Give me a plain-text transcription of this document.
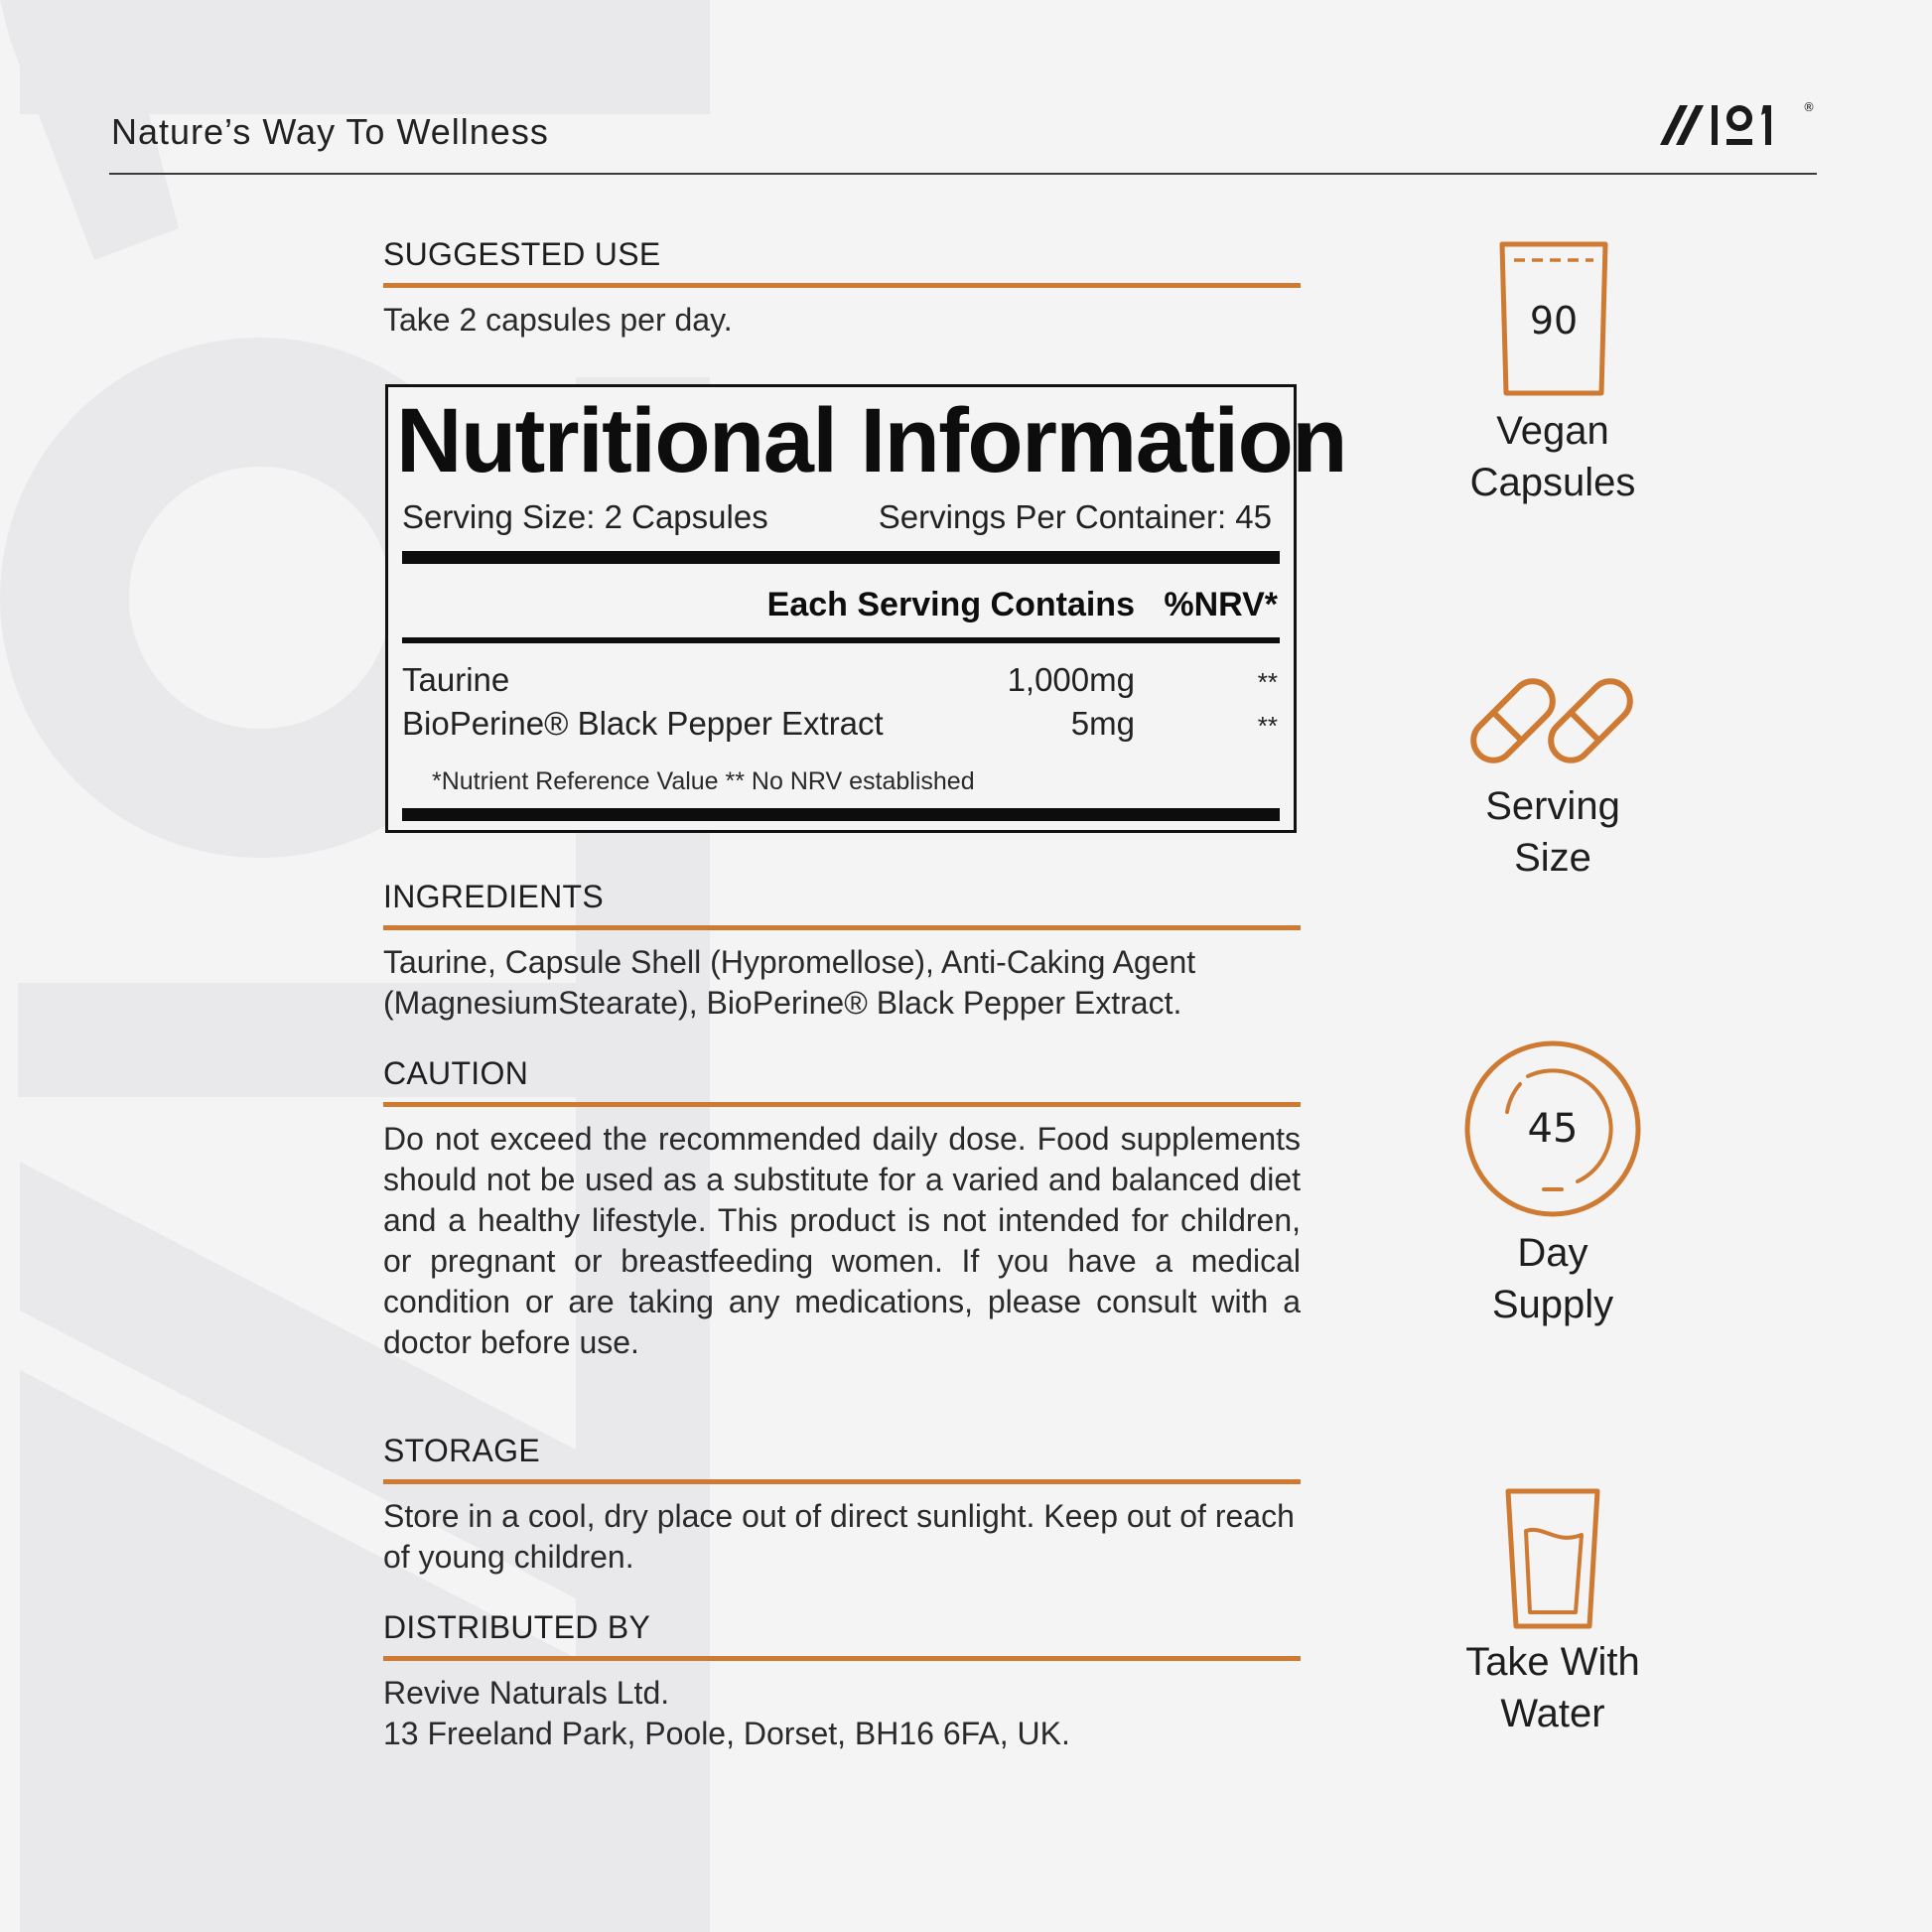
Nature’s Way To Wellness
®
SUGGESTED USE
Take 2 capsules per day.
Nutritional Information
Serving Size: 2 Capsules	Servings Per Container: 45
Each Serving Contains %NRV*
Taurine	1,000mg	**
BioPerine® Black Pepper Extract	5mg	**
*Nutrient Reference Value ** No NRV established
INGREDIENTS
Taurine, Capsule Shell (Hypromellose), Anti-Caking Agent (MagnesiumStearate), BioPerine® Black Pepper Extract.
CAUTION
Do not exceed the recommended daily dose. Food supplements should not be used as a substitute for a varied and balanced diet and a healthy lifestyle. This product is not intended for children, or pregnant or breastfeeding women. If you have a medical condition or are taking any medications, please consult with a doctor before use.
STORAGE
Store in a cool, dry place out of direct sunlight. Keep out of reach of young children.
DISTRIBUTED BY
Revive Naturals Ltd.
13 Freeland Park, Poole, Dorset, BH16 6FA, UK.
90
Vegan
Capsules
Serving
Size
45
Day
Supply
Take With
Water
